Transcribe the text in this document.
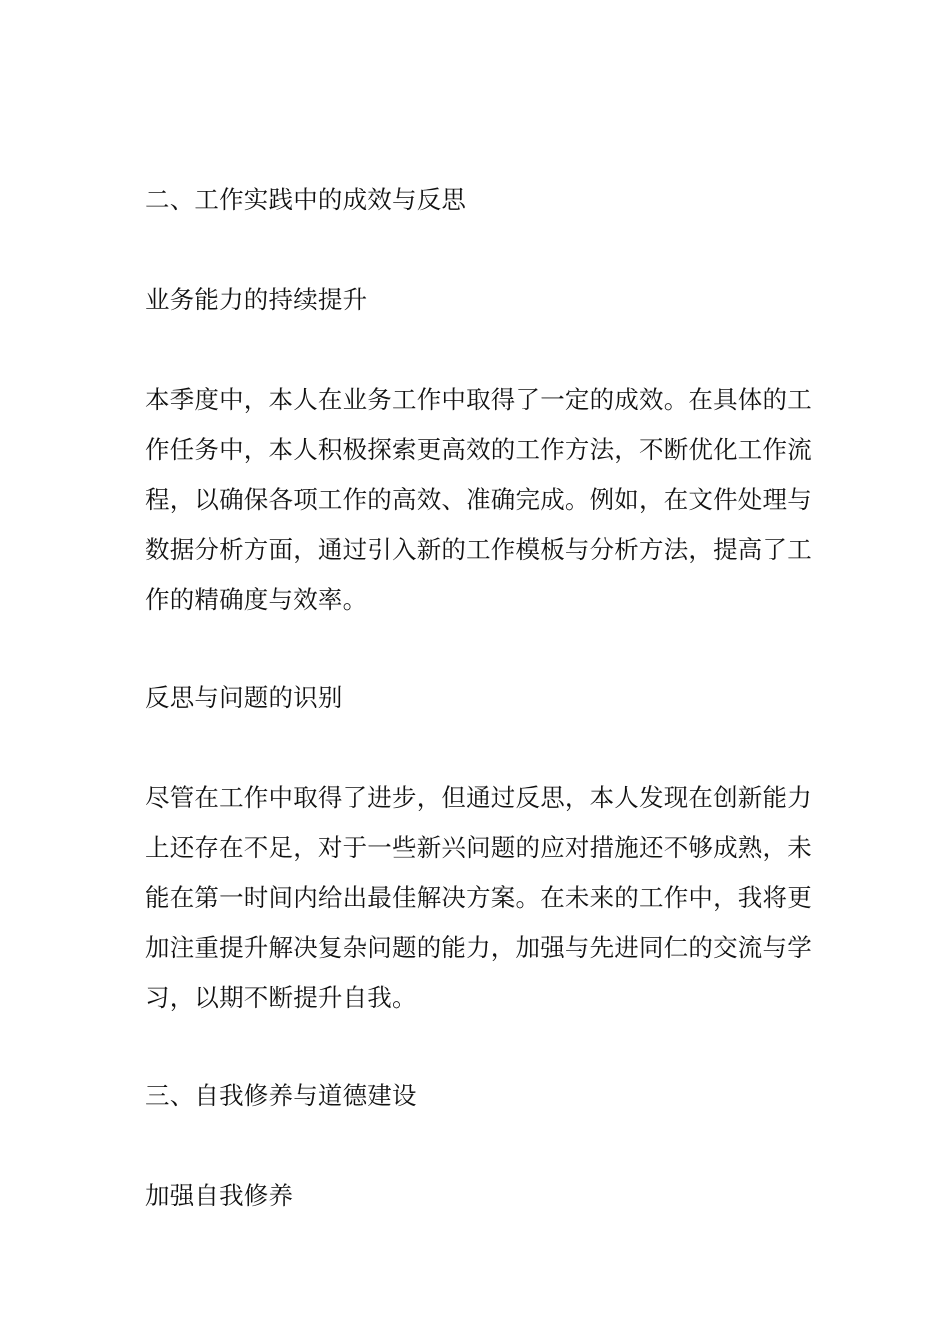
二、工作实践中的成效与反思
业务能力的持续提升
本季度中，本人在业务工作中取得了一定的成效。在具体的工
作任务中，本人积极探索更高效的工作方法，不断优化工作流
程，以确保各项工作的高效、准确完成。例如，在文件处理与
数据分析方面，通过引入新的工作模板与分析方法，提高了工
作的精确度与效率。
反思与问题的识别
尽管在工作中取得了进步，但通过反思，本人发现在创新能力
上还存在不足，对于一些新兴问题的应对措施还不够成熟，未
能在第一时间内给出最佳解决方案。在未来的工作中，我将更
加注重提升解决复杂问题的能力，加强与先进同仁的交流与学
习，以期不断提升自我。
三、自我修养与道德建设
加强自我修养
